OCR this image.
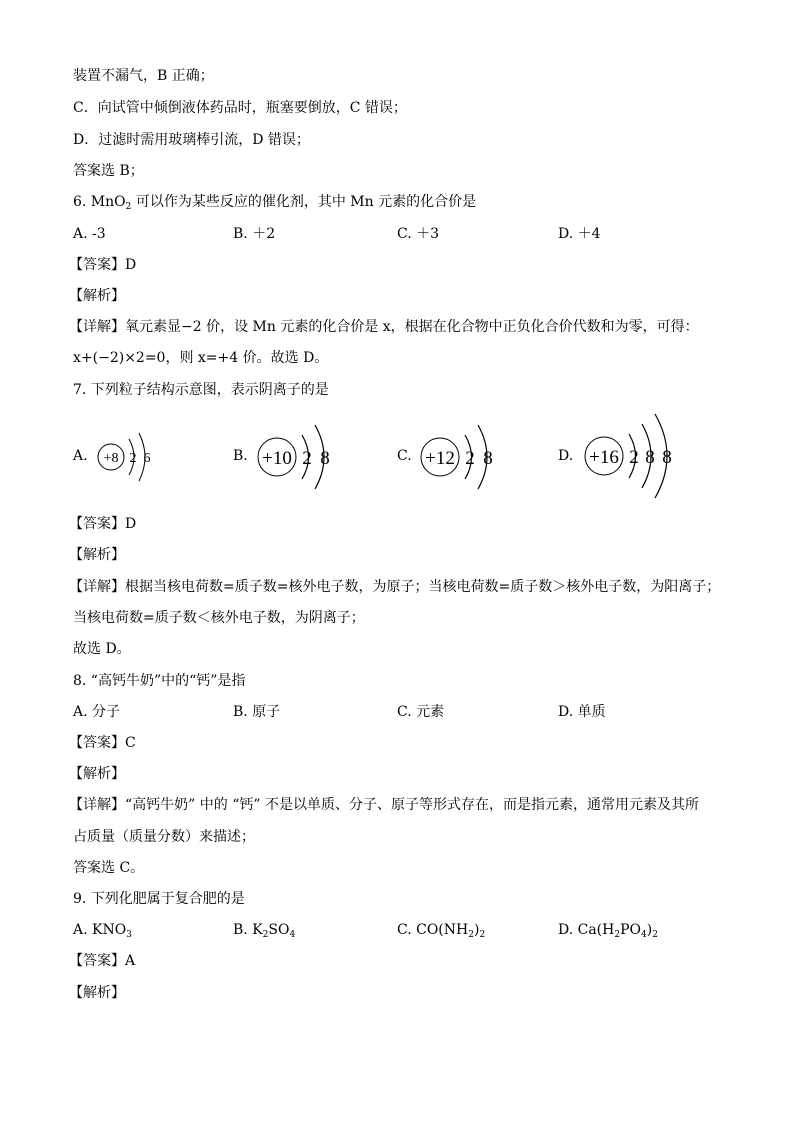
装置不漏气，B 正确；
C．向试管中倾倒液体药品时，瓶塞要倒放，C 错误；
D．过滤时需用玻璃棒引流，D 错误；
答案选 B；
6. MnO$_2$ 可以作为某些反应的催化剂，其中 Mn 元素的化合价是
A. -3	B. ＋2	C. ＋3	D. ＋4
【答案】D
【解析】
【详解】氧元素显−2 价，设 Mn 元素的化合价是 x，根据在化合物中正负化合价代数和为零，可得：
x+(−2)×2=0，则 x=+4 价。故选 D。
7. 下列粒子结构示意图，表示阴离子的是
A.	B.	C.	D.
+8 2 6	+10 2 8	+12 2 8	+16 2 8 8
【答案】D
【解析】
【详解】根据当核电荷数=质子数=核外电子数，为原子；当核电荷数=质子数＞核外电子数，为阳离子；
当核电荷数=质子数＜核外电子数，为阴离子；
故选 D。
8. “高钙牛奶”中的“钙”是指
A. 分子	B. 原子	C. 元素	D. 单质
【答案】C
【解析】
【详解】“高钙牛奶” 中的 “钙” 不是以单质、分子、原子等形式存在，而是指元素，通常用元素及其所
占质量（质量分数）来描述；
答案选 C。
9. 下列化肥属于复合肥的是
A. $KNO_3$	B. $K_2SO_4$	C. $CO(NH_2)_2$	D. $Ca(H_2PO_4)_2$
【答案】A
【解析】
